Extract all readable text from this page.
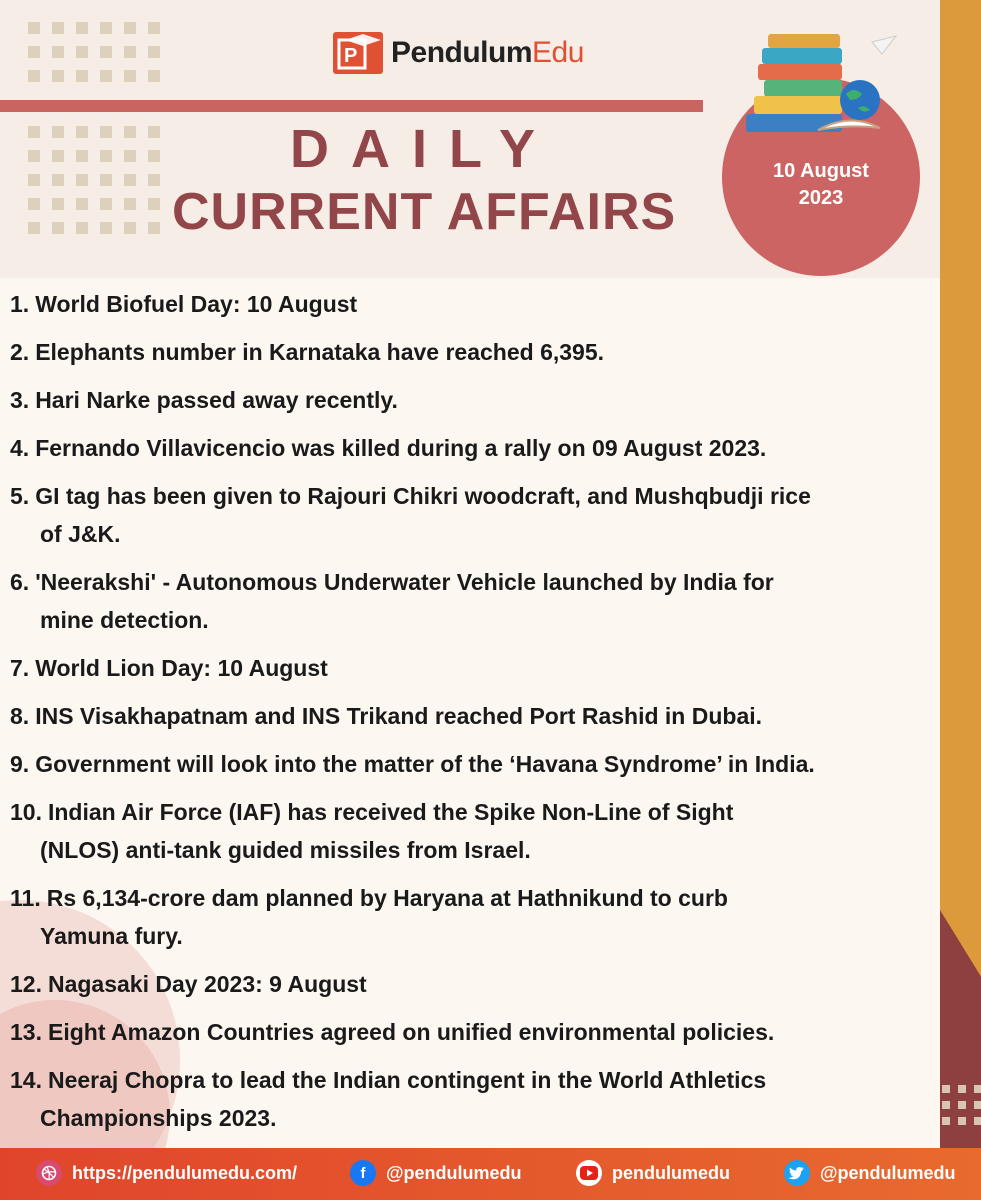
P PendulumEdu
DAILY
CURRENT AFFAIRS
10 August
2023
1. World Biofuel Day: 10 August
2. Elephants number in Karnataka have reached 6,395.
3. Hari Narke passed away recently.
4. Fernando Villavicencio was killed during a rally on 09 August 2023.
5. GI tag has been given to Rajouri Chikri woodcraft, and Mushqbudji rice
of J&K.
6. 'Neerakshi' - Autonomous Underwater Vehicle launched by India for
mine detection.
7. World Lion Day: 10 August
8. INS Visakhapatnam and INS Trikand reached Port Rashid in Dubai.
9. Government will look into the matter of the ‘Havana Syndrome’ in India.
10. Indian Air Force (IAF) has received the Spike Non-Line of Sight
(NLOS) anti-tank guided missiles from Israel.
11. Rs 6,134-crore dam planned by Haryana at Hathnikund to curb
Yamuna fury.
12. Nagasaki Day 2023: 9 August
13. Eight Amazon Countries agreed on unified environmental policies.
14. Neeraj Chopra to lead the Indian contingent in the World Athletics
Championships 2023.
https://pendulumedu.com/	f	@pendulumedu	pendulumedu	@pendulumedu
